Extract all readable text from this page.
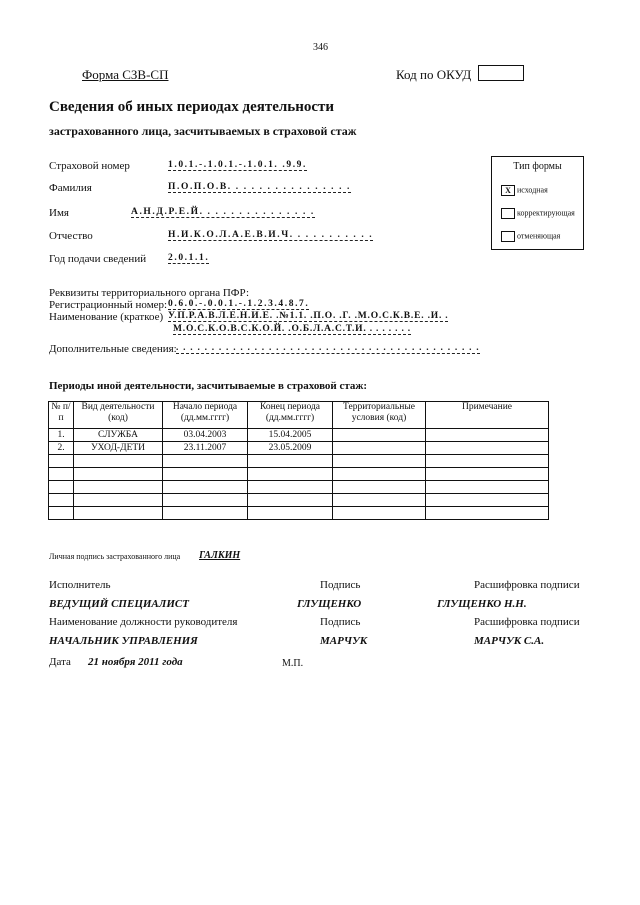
346
Форма СЗВ-СП	Код по ОКУД
Сведения об иных периодах деятельности
застрахованного лица, засчитываемых в страховой стаж
Страховой номер	1.0.1.-.1.0.1.-.1.0.1. .9.9.
Фамилия	П.О.П.О.В. . . . . . . . . . . . . . . .
Имя	А.Н.Д.Р.Е.Й. . . . . . . . . . . . . . .
Отчество	Н.И.К.О.Л.А.Е.В.И.Ч. . . . . . . . . . .
Год подачи сведений 2.0.1.1.
Тип формы
X исходная
корректирующая
отменяющая
Реквизиты территориального органа ПФР:
Регистрационный номер: 0.6.0.-.0.0.1.-.1.2.3.4.8.7.
Наименование (краткое) У.П.Р.А.В.Л.Е.Н.И.Е. .№1.1. .П.О. .Г. .М.О.С.К.В.Е. .И. .
М.О.С.К.О.В.С.К.О.Й. .О.Б.Л.А.С.Т.И. . . . . . . .
Дополнительные сведения: . . . . . . . . . . . . . . . . . . . . . . . . . . . . . . . . . . . . . . . . . . .
Периоды иной деятельности, засчитываемые в страховой стаж:
№ п/п	Вид деятельности (код)	Начало периода (дд.мм.гггг)	Конец периода (дд.мм.гггг)	Территориальные условия (код)	Примечание
1.	СЛУЖБА	03.04.2003	15.04.2005		
2.	УХОД-ДЕТИ	23.11.2007	23.05.2009		

Личная подпись застрахованного лица ГАЛКИН
Исполнитель	Подпись	Расшифровка подписи
ВЕДУЩИЙ СПЕЦИАЛИСТ	ГЛУЩЕНКО	ГЛУЩЕНКО Н.Н.
Наименование должности руководителя	Подпись	Расшифровка подписи
НАЧАЛЬНИК УПРАВЛЕНИЯ	МАРЧУК	МАРЧУК С.А.
Дата 21 ноября 2011 года	М.П.
